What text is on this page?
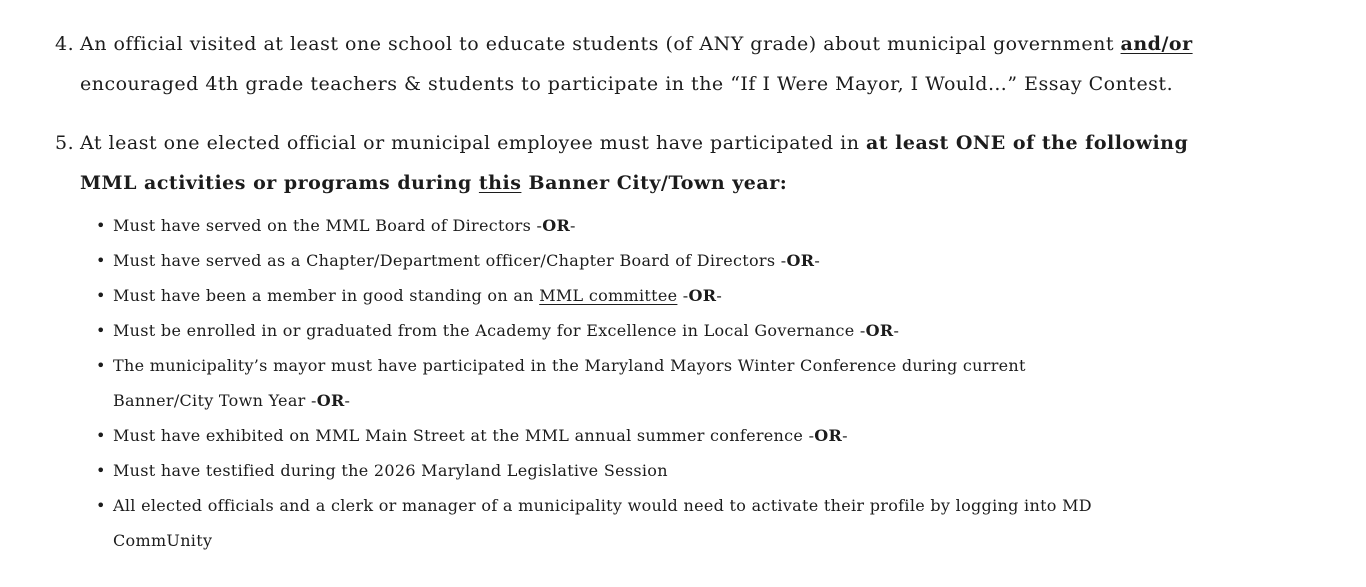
4. An official visited at least one school to educate students (of ANY grade) about municipal government and/or
encouraged 4th grade teachers & students to participate in the “If I Were Mayor, I Would…” Essay Contest.
5. At least one elected official or municipal employee must have participated in at least ONE of the following
MML activities or programs during this Banner City/Town year:
• Must have served on the MML Board of Directors -OR-
• Must have served as a Chapter/Department officer/Chapter Board of Directors -OR-
• Must have been a member in good standing on an MML committee -OR-
• Must be enrolled in or graduated from the Academy for Excellence in Local Governance -OR-
• The municipality’s mayor must have participated in the Maryland Mayors Winter Conference during current
Banner/City Town Year -OR-
• Must have exhibited on MML Main Street at the MML annual summer conference -OR-
• Must have testified during the 2026 Maryland Legislative Session
• All elected officials and a clerk or manager of a municipality would need to activate their profile by logging into MD
CommUnity
